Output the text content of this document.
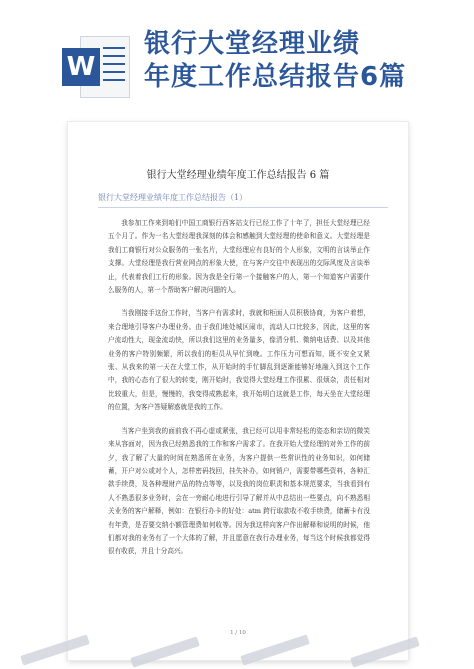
W
银行大堂经理业绩
年度工作总结报告6篇
银行大堂经理业绩年度工作总结报告 6 篇
银行大堂经理业绩年度工作总结报告（1）

我参加工作来到咱们中国工商银行西客站支行已经工作了十年了，担任大堂经理已经五个月了。作为一名大堂经理我深刻的体会和感触到大堂经理的使命和意义。大堂经理是我们工商银行对公众服务的一张名片，大堂经理应有良好的个人形象，文明的言谈举止作支撑。大堂经理是我行营业网点的形象大使，在与客户交往中表现出的交际风度及言谈举止，代表着我们工行的形象。因为我是全行第一个接触客户的人，第一个知道客户需要什么服务的人，第一个帮助客户解决问题的人。

当我刚接手这份工作时，当客户有需求时，我就和柜面人员积极协商，为客户着想，来合理地引导客户办理业务。由于我们地处城区闹市，流动人口比较多，因此，这里的客户流动性大，现金流动快，所以我们这里的业务量多，像清分机、微纳电话费、以及其他业务的客户特别频繁，所以我们的柜员从早忙到晚。工作压力可想而知，既不安全又紧张、从我来的第一天在大堂工作，从开始时的手忙脚乱到逐渐能够好地融入到这个工作中，我的心态有了很大的转变，刚开始时，我觉得大堂经理工作很累、很烦杂，责任相对比较重大，但是，慢慢的，我变得成熟起来，我开始明白这就是工作，每天坐在大堂经理的位置，为客户答疑解惑就是我的工作。

当客户坐到我的面前我不再心虚或紧张，我已经可以用非常轻松的姿态和亲切的微笑来从容面对，因为我已经熟悉我的工作和客户需求了。在我开始大堂经理的对外工作的前夕，我了解了大量的时间在熟悉所在业务，为客户提供一些常识性的业务知识，如何储蓄，开户对公或对个人，怎样密码找回，挂失补办，如何销户，需要带哪些资料，各种汇款手续费，及各种理财产品的特点等等，以及我的岗位职责和基本规范要求，当我看到有人不熟悉很多业务时，会在一旁耐心地进行引导了解并从中总结出一些要点，向不熟悉相关业务的客户解释，例如：在银行办卡的好处：atm 跨行取款收不收手续费，储蓄卡有没有年费，是否要交纳小额管理费如何收等。因为我这样向客户作出解释和说明的时候，他们都对我的业务有了一个大体的了解，并且愿意在我行办理业务，每当这个时候我都觉得很有收获，并且十分高兴。

1 / 10
